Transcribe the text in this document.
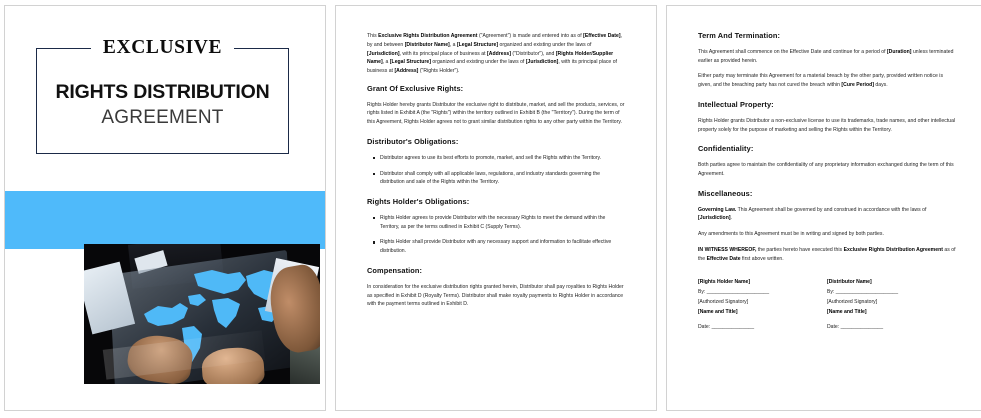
EXCLUSIVE
RIGHTS DISTRIBUTION
AGREEMENT

This Exclusive Rights Distribution Agreement ("Agreement") is made and entered into as of [Effective Date], by and between [Distributor Name], a [Legal Structure] organized and existing under the laws of [Jurisdiction], with its principal place of business at [Address] ("Distributor"), and [Rights Holder/Supplier Name], a [Legal Structure] organized and existing under the laws of [Jurisdiction], with its principal place of business at [Address] ("Rights Holder").

Grant Of Exclusive Rights:

Rights Holder hereby grants Distributor the exclusive right to distribute, market, and sell the products, services, or rights listed in Exhibit A (the "Rights") within the territory outlined in Exhibit B (the "Territory"). During the term of this Agreement, Rights Holder agrees not to grant similar distribution rights to any other party within the Territory.

Distributor's Obligations:
Distributor agrees to use its best efforts to promote, market, and sell the Rights within the Territory.
Distributor shall comply with all applicable laws, regulations, and industry standards governing the distribution and sale of the Rights within the Territory.
Rights Holder's Obligations:
Rights Holder agrees to provide Distributor with the necessary Rights to meet the demand within the Territory, as per the terms outlined in Exhibit C (Supply Terms).
Rights Holder shall provide Distributor with any necessary support and information to facilitate effective distribution.
Compensation:

In consideration for the exclusive distribution rights granted herein, Distributor shall pay royalties to Rights Holder as specified in Exhibit D (Royalty Terms). Distributor shall make royalty payments to Rights Holder in accordance with the payment terms outlined in Exhibit D.

Term And Termination:

This Agreement shall commence on the Effective Date and continue for a period of [Duration] unless terminated earlier as provided herein.

Either party may terminate this Agreement for a material breach by the other party, provided written notice is given, and the breaching party has not cured the breach within [Cure Period] days.

Intellectual Property:

Rights Holder grants Distributor a non-exclusive license to use its trademarks, trade names, and other intellectual property solely for the purpose of marketing and selling the Rights within the Territory.

Confidentiality:

Both parties agree to maintain the confidentiality of any proprietary information exchanged during the term of this Agreement.

Miscellaneous:

Governing Law. This Agreement shall be governed by and construed in accordance with the laws of [Jurisdiction].

Any amendments to this Agreement must be in writing and signed by both parties.

IN WITNESS WHEREOF, the parties hereto have executed this Exclusive Rights Distribution Agreement as of the Effective Date first above written.

[Rights Holder Name]
By: ______________________
[Authorized Signatory]
[Name and Title]
Date: _______________
[Distributor Name]
By: ______________________
[Authorized Signatory]
[Name and Title]
Date: _______________
